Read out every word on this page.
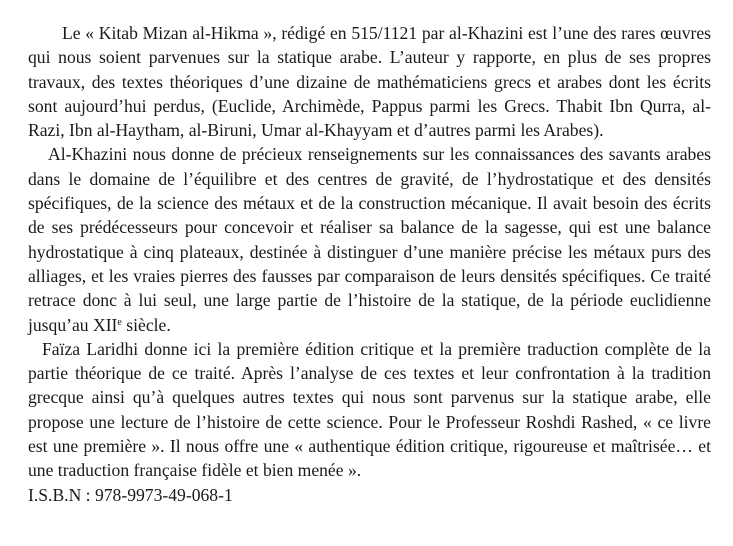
Le « Kitab Mizan al-Hikma », rédigé en 515/1121 par al-Khazini est l’une des rares œuvres qui nous soient parvenues sur la statique arabe. L’auteur y rapporte, en plus de ses propres travaux, des textes théoriques d’une dizaine de mathématiciens grecs et arabes dont les écrits sont aujourd’hui perdus, (Euclide, Archimède, Pappus parmi les Grecs. Thabit Ibn Qurra, al-Razi, Ibn al-Haytham, al-Biruni, Umar al-Khayyam et d’autres parmi les Arabes).

Al-Khazini nous donne de précieux renseignements sur les connaissances des savants arabes dans le domaine de l’équilibre et des centres de gravité, de l’hydrostatique et des densités spécifiques, de la science des métaux et de la construction mécanique. Il avait besoin des écrits de ses prédécesseurs pour concevoir et réaliser sa balance de la sagesse, qui est une balance hydrostatique à cinq plateaux, destinée à distinguer d’une manière précise les métaux purs des alliages, et les vraies pierres des fausses par comparaison de leurs densités spécifiques. Ce traité retrace donc à lui seul, une large partie de l’histoire de la statique, de la période euclidienne jusqu’au XIIe siècle.

Faïza Laridhi donne ici la première édition critique et la première traduction complète de la partie théorique de ce traité. Après l’analyse de ces textes et leur confrontation à la tradition grecque ainsi qu’à quelques autres textes qui nous sont parvenus sur la statique arabe, elle propose une lecture de l’histoire de cette science. Pour le Professeur Roshdi Rashed, « ce livre est une première ». Il nous offre une « authentique édition critique, rigoureuse et maîtrisée… et une traduction française fidèle et bien menée ».

I.S.B.N : 978-9973-49-068-1
